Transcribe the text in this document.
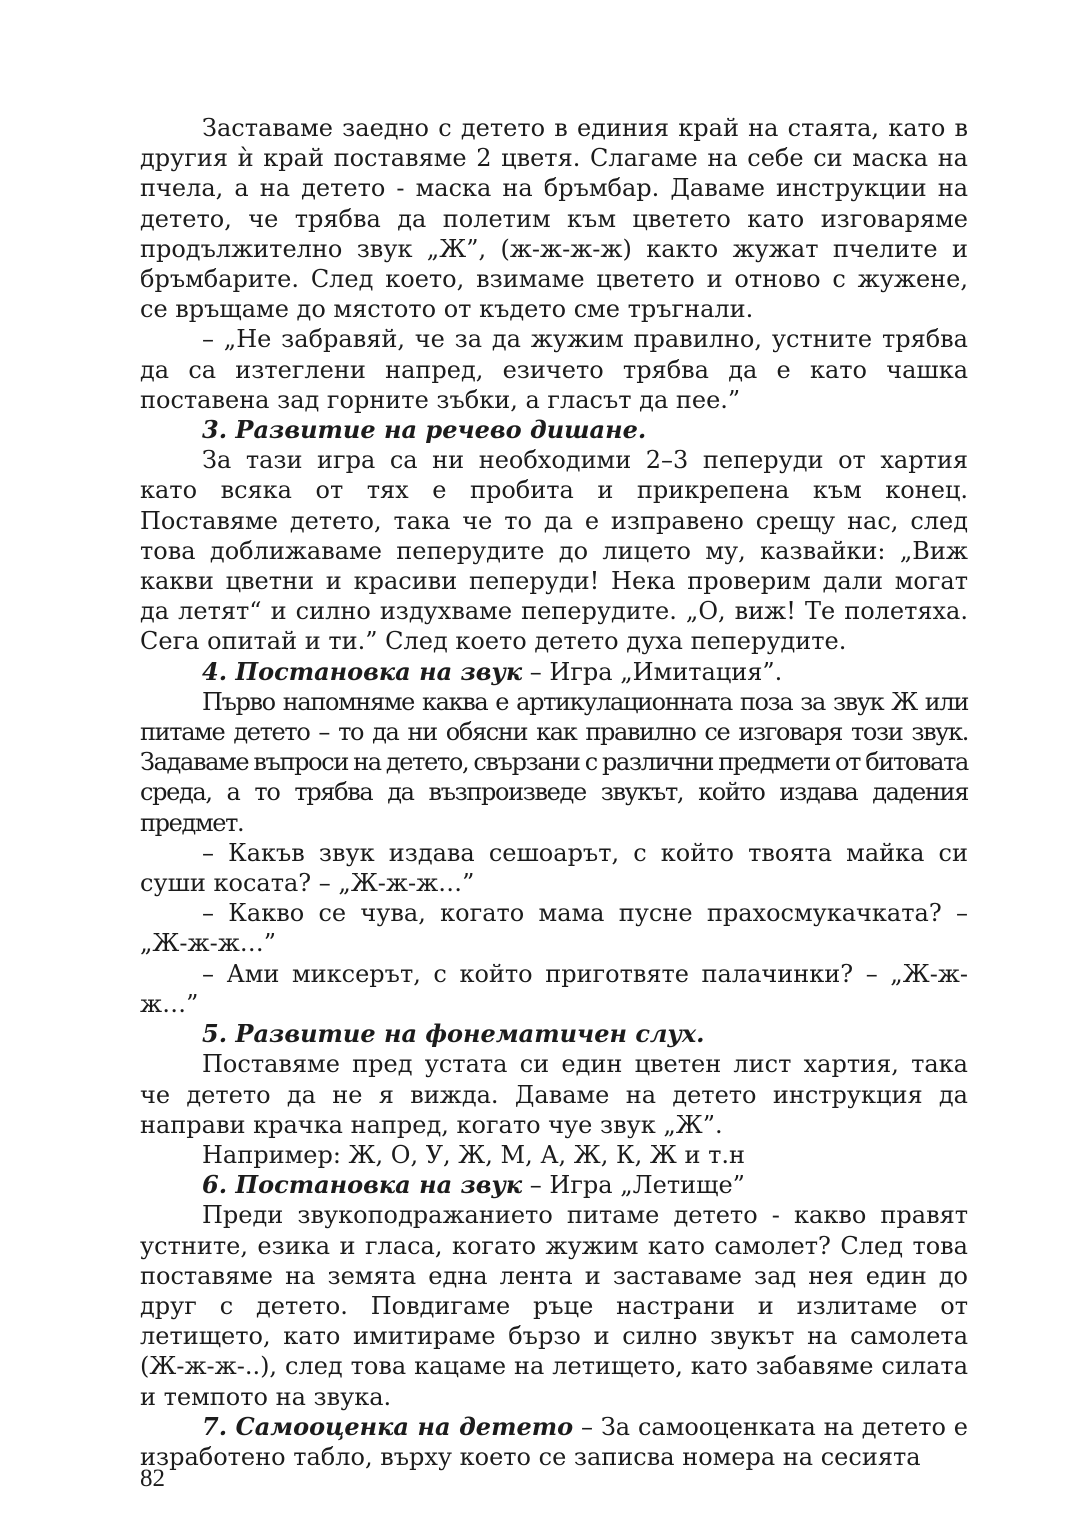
Заставаме заедно с детето в единия край на стаята, като в другия ѝ край поставяме 2 цветя. Слагаме на себе си маска на пчела, а на детето - маска на бръмбар. Даваме инструкции на детето, че трябва да полетим към цветето като изговаряме продължително звук „Ж”, (ж-ж-ж-ж) както жужат пчелите и бръмбарите. След което, взимаме цветето и отново с жужене, се връщаме до мястото от където сме тръгнали.

– „Не забравяй, че за да жужим правилно, устните трябва да са изтеглени напред, езичето трябва да е като чашка поставена зад горните зъбки, а гласът да пее.”

3. Развитие на речево дишане.

За тази игра са ни необходими 2–3 пеперуди от хартия като всяка от тях е пробита и прикрепена към конец. Поставяме детето, така че то да е изправено срещу нас, след това доближаваме пеперудите до лицето му, казвайки: „Виж какви цветни и красиви пеперуди! Нека проверим дали могат да летят“ и силно издухваме пеперудите. „О, виж! Те полетяха. Сега опитай и ти.” След което детето духа пеперудите.

4. Постановка на звук – Игра „Имитация”.

Първо напомняме каква е артикулационната поза за звук Ж или питаме детето – то да ни обясни как правилно се изговаря този звук. Задаваме въпроси на детето, свързани с различни предмети от битовата среда, а то трябва да възпроизведе звукът, който издава дадения предмет.

– Какъв звук издава сешоарът, с който твоята майка си суши косата? – „Ж-ж-ж…”

– Какво се чува, когато мама пусне прахосмукачката? – „Ж-ж-ж…”

– Ами миксерът, с който приготвяте палачинки? – „Ж-ж-ж…”

5. Развитие на фонематичен слух.

Поставяме пред устата си един цветен лист хартия, така че детето да не я вижда. Даваме на детето инструкция да направи крачка напред, когато чуе звук „Ж”.

Например: Ж, О, У, Ж, М, А, Ж, К, Ж и т.н

6. Постановка на звук – Игра „Летище”

Преди звукоподражанието питаме детето - какво правят устните, езика и гласа, когато жужим като самолет? След това поставяме на земята една лента и заставаме зад нея един до друг с детето. Повдигаме ръце настрани и излитаме от летището, като имитираме бързо и силно звукът на самолета (Ж-ж-ж-..), след това кацаме на летището, като забавяме силата и темпото на звука.

7. Самооценка на детето – За самооценката на детето е изработено табло, върху което се записва номера на сесията

82
